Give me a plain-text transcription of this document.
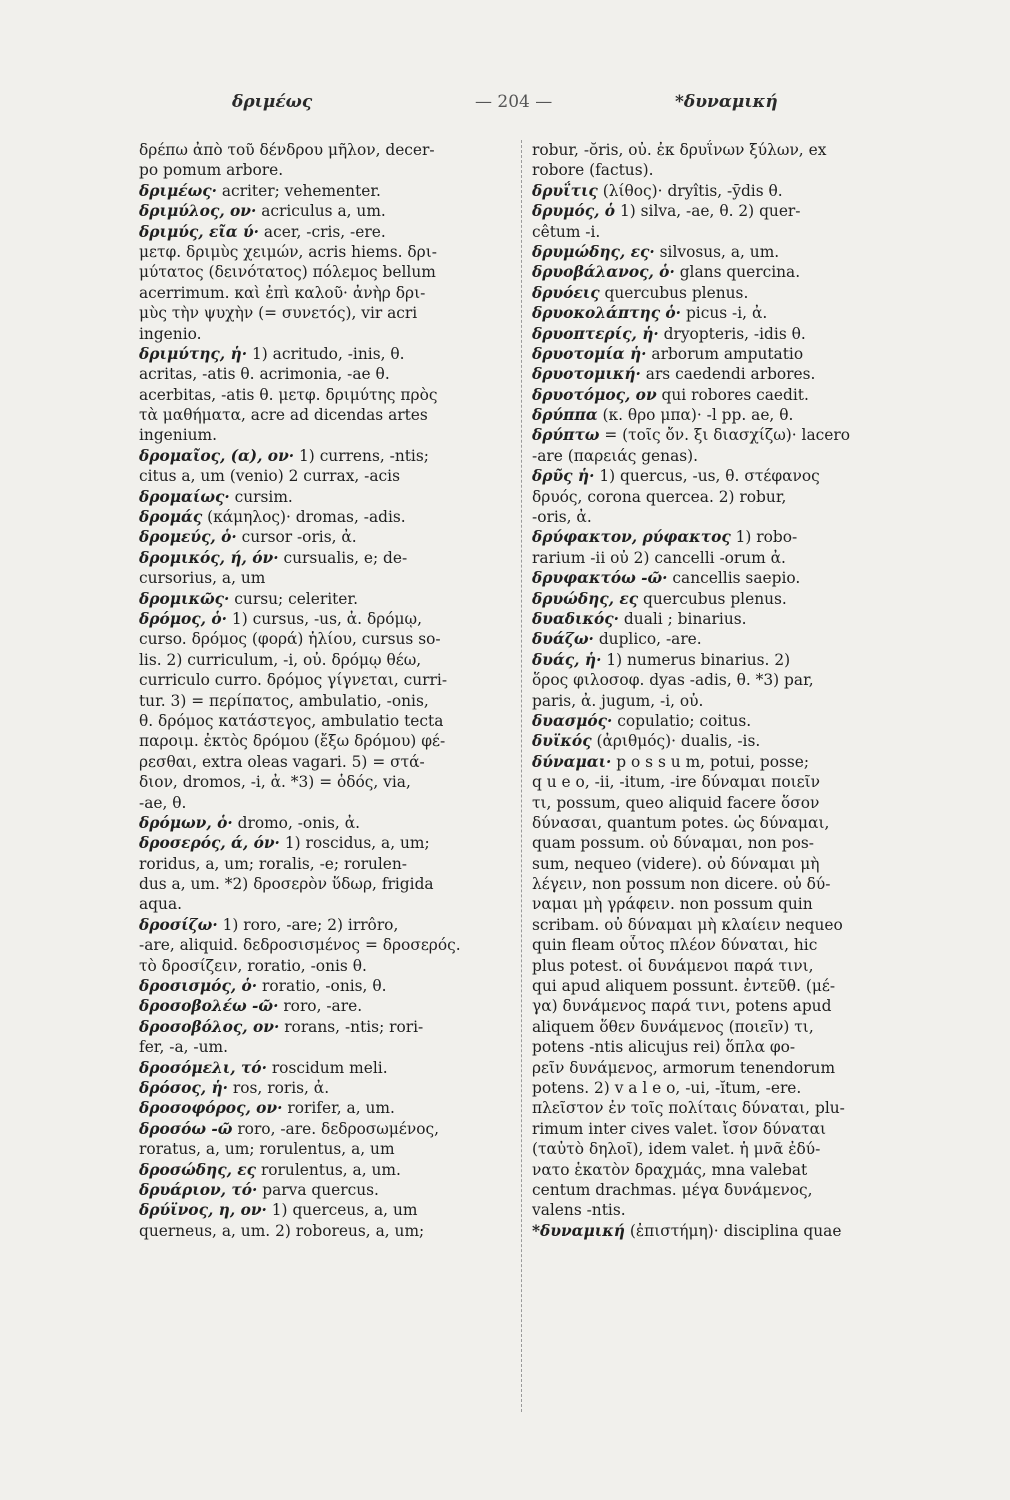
δριμέως	— 204 —	*δυναμική
δρέπω ἀπὸ τοῦ δένδρου μῆλον, decer-
po pomum arbore.
δριμέως· acriter; vehementer.
δριμύλος, ον· acriculus a, um.
δριμύς, εῖα ύ· acer, -cris, -ere.
μετφ. δριμὺς χειμών, acris hiems. δρι-
μύτατος (δεινότατος) πόλεμος bellum
acerrimum. καὶ ἐπὶ καλοῦ· ἀνὴρ δρι-
μὺς τὴν ψυχὴν (= συνετός), vir acri
ingenio.
δριμύτης, ἡ· 1) acritudo, -inis, θ.
acritas, -atis θ. acrimonia, -ae θ.
acerbitas, -atis θ. μετφ. δριμύτης πρὸς
τὰ μαθήματα, acre ad dicendas artes
ingenium.
δρομαῖος, (α), ον· 1) currens, -ntis;
citus a, um (venio) 2 currax, -acis
δρομαίως· cursim.
δρομάς (κάμηλος)· dromas, -adis.
δρομεύς, ὁ· cursor -oris, ἀ.
δρομικός, ή, όν· cursualis, e; de-
cursorius, a, um
δρομικῶς· cursu; celeriter.
δρόμος, ὁ· 1) cursus, -us, ἀ. δρόμῳ,
curso. δρόμος (φορά) ἡλίου, cursus so-
lis. 2) curriculum, -i, οὐ. δρόμῳ θέω,
curriculo curro. δρόμος γίγνεται, curri-
tur. 3) = περίπατος, ambulatio, -onis,
θ. δρόμος κατάστεγος, ambulatio tecta
παροιμ. ἐκτὸς δρόμου (ἔξω δρόμου) φέ-
ρεσθαι, extra oleas vagari. 5) = στά-
διον, dromos, -i, ἀ. *3) = ὁδός, via,
-ae, θ.
δρόμων, ὁ· dromo, -onis, ἀ.
δροσερός, ά, όν· 1) roscidus, a, um;
roridus, a, um; roralis, -e; rorulen-
dus a, um. *2) δροσερὸν ὕδωρ, frigida
aqua.
δροσίζω· 1) roro, -are; 2) irrôro,
-are, aliquid. δεδροσισμένος = δροσερός.
τὸ δροσίζειν, roratio, -onis θ.
δροσισμός, ὁ· roratio, -onis, θ.
δροσοβολέω -ῶ· roro, -are.
δροσοβόλος, ον· rorans, -ntis; rori-
fer, -a, -um.
δροσόμελι, τό· roscidum meli.
δρόσος, ἡ· ros, roris, ἀ.
δροσοφόρος, ον· rorifer, a, um.
δροσόω -ῶ roro, -are. δεδροσωμένος,
roratus, a, um; rorulentus, a, um
δροσώδης, ες rorulentus, a, um.
δρυάριον, τό· parva quercus.
δρύϊνος, η, ον· 1) querceus, a, um
querneus, a, um. 2) roboreus, a, um;
robur, -ŏris, οὐ. ἐκ δρυΐνων ξύλων, ex
robore (factus).
δρυΐτις (λίθος)· dryîtis, -ȳdis θ.
δρυμός, ὁ 1) silva, -ae, θ. 2) quer-
cêtum -i.
δρυμώδης, ες· silvosus, a, um.
δρυοβάλανος, ὁ· glans quercina.
δρυόεις quercubus plenus.
δρυοκολάπτης ὁ· picus -i, ἀ.
δρυοπτερίς, ἡ· dryopteris, -idis θ.
δρυοτομία ἡ· arborum amputatio
δρυοτομική· ars caedendi arbores.
δρυοτόμος, ον qui robores caedit.
δρύππα (κ. θρο μπα)· -l pp. ae, θ.
δρύπτω = (τοῖς ὄν. ξι διασχίζω)· lacero
-are (παρειάς genas).
δρῦς ἡ· 1) quercus, -us, θ. στέφανος
δρυός, corona quercea. 2) robur,
-oris, ἀ.
δρύφακτον, ρύφακτος 1) robo-
rarium -ii οὐ 2) cancelli -orum ἀ.
δρυφακτόω -ῶ· cancellis saepio.
δρυώδης, ες quercubus plenus.
δυαδικός· duali ; binarius.
δυάζω· duplico, -are.
δυάς, ἡ· 1) numerus binarius. 2)
ὅρος φιλοσοφ. dyas -adis, θ. *3) par,
paris, ἀ. jugum, -i, οὐ.
δυασμός· copulatio; coitus.
δυϊκός (ἀριθμός)· dualis, -is.
δύναμαι· p o s s u m, potui, posse;
q u e o, -ii, -itum, -ire δύναμαι ποιεῖν
τι, possum, queo aliquid facere ὅσον
δύνασαι, quantum potes. ὡς δύναμαι,
quam possum. οὐ δύναμαι, non pos-
sum, nequeo (videre). οὐ δύναμαι μὴ
λέγειν, non possum non dicere. οὐ δύ-
ναμαι μὴ γράφειν. non possum quin
scribam. οὐ δύναμαι μὴ κλαίειν nequeo
quin fleam οὗτος πλέον δύναται, hic
plus potest. οἱ δυνάμενοι παρά τινι,
qui apud aliquem possunt. ἐντεῦθ. (μέ-
γα) δυνάμενος παρά τινι, potens apud
aliquem ὅθεν δυνάμενος (ποιεῖν) τι,
potens -ntis alicujus rei) ὅπλα φο-
ρεῖν δυνάμενος, armorum tenendorum
potens. 2) v a l e o, -ui, -ĭtum, -ere.
πλεῖστον ἐν τοῖς πολίταις δύναται, plu-
rimum inter cives valet. ἴσον δύναται
(ταὐτὸ δηλοῖ), idem valet. ἡ μνᾶ ἐδύ-
νατο ἑκατὸν δραχμάς, mna valebat
centum drachmas. μέγα δυνάμενος,
valens -ntis.
*δυναμική (ἐπιστήμη)· disciplina quae
